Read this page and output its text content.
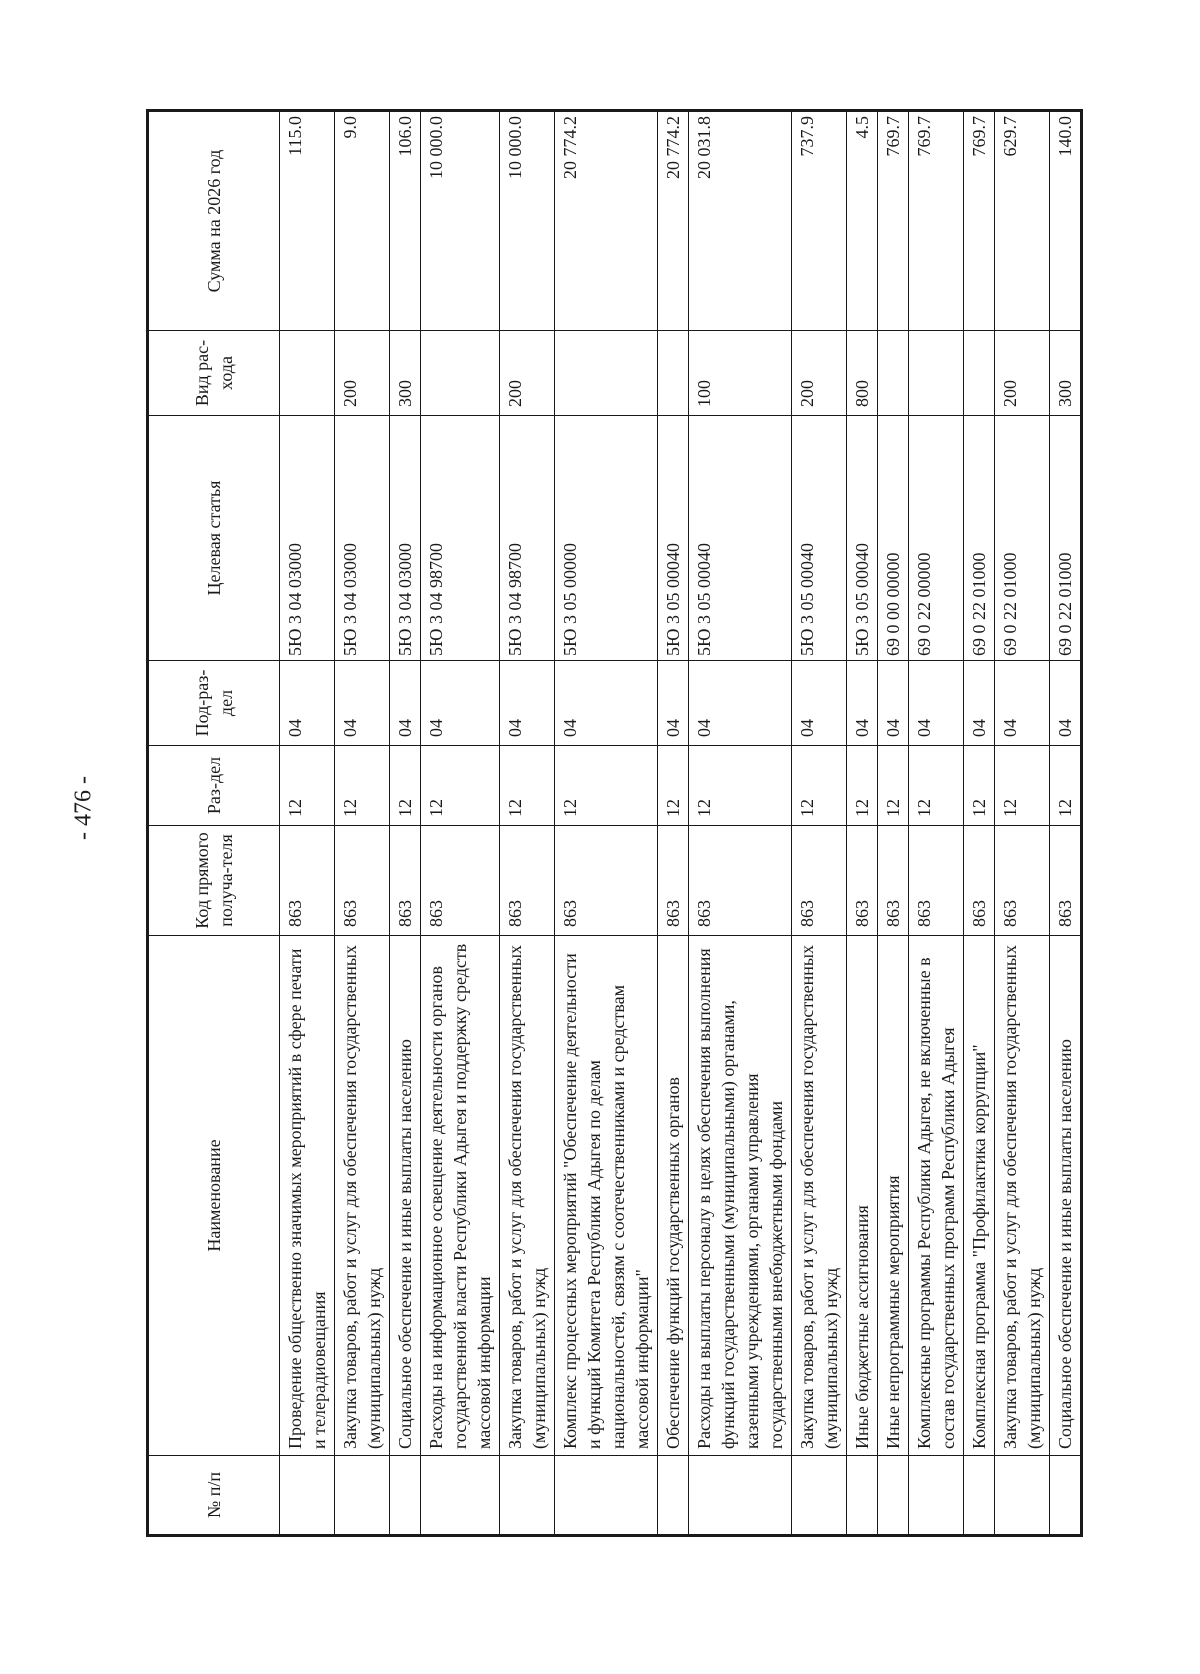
- 476 -
№ п/п	Наименование	Код прямого получа-теля	Раз-дел	Под-раз-дел	Целевая статья	Вид рас-хода	Сумма на 2026 год
	Проведение общественно значимых мероприятий в сфере печати и телерадиовещания	863	12	04	5Ю 3 04 03000		115.0
	Закупка товаров, работ и услуг для обеспечения государственных (муниципальных) нужд	863	12	04	5Ю 3 04 03000	200	9.0
	Социальное обеспечение и иные выплаты населению	863	12	04	5Ю 3 04 03000	300	106.0
	Расходы на информационное освещение деятельности органов государственной власти Республики Адыгея и поддержку средств массовой информации	863	12	04	5Ю 3 04 98700		10 000.0
	Закупка товаров, работ и услуг для обеспечения государственных (муниципальных) нужд	863	12	04	5Ю 3 04 98700	200	10 000.0
	Комплекс процессных мероприятий "Обеспечение деятельности и функций Комитета Республики Адыгея по делам национальностей, связям с соотечественниками и средствам массовой информации"	863	12	04	5Ю 3 05 00000		20 774.2
	Обеспечение функций государственных органов	863	12	04	5Ю 3 05 00040		20 774.2
	Расходы на выплаты персоналу в целях обеспечения выполнения функций государственными (муниципальными) органами, казенными учреждениями, органами управления государственными внебюджетными фондами	863	12	04	5Ю 3 05 00040	100	20 031.8
	Закупка товаров, работ и услуг для обеспечения государственных (муниципальных) нужд	863	12	04	5Ю 3 05 00040	200	737.9
	Иные бюджетные ассигнования	863	12	04	5Ю 3 05 00040	800	4.5
	Иные непрограммные мероприятия	863	12	04	69 0 00 00000		769.7
	Комплексные программы Республики Адыгея, не включенные в состав государственных программ Республики Адыгея	863	12	04	69 0 22 00000		769.7
	Комплексная программа "Профилактика коррупции"	863	12	04	69 0 22 01000		769.7
	Закупка товаров, работ и услуг для обеспечения государственных (муниципальных) нужд	863	12	04	69 0 22 01000	200	629.7
	Социальное обеспечение и иные выплаты населению	863	12	04	69 0 22 01000	300	140.0
